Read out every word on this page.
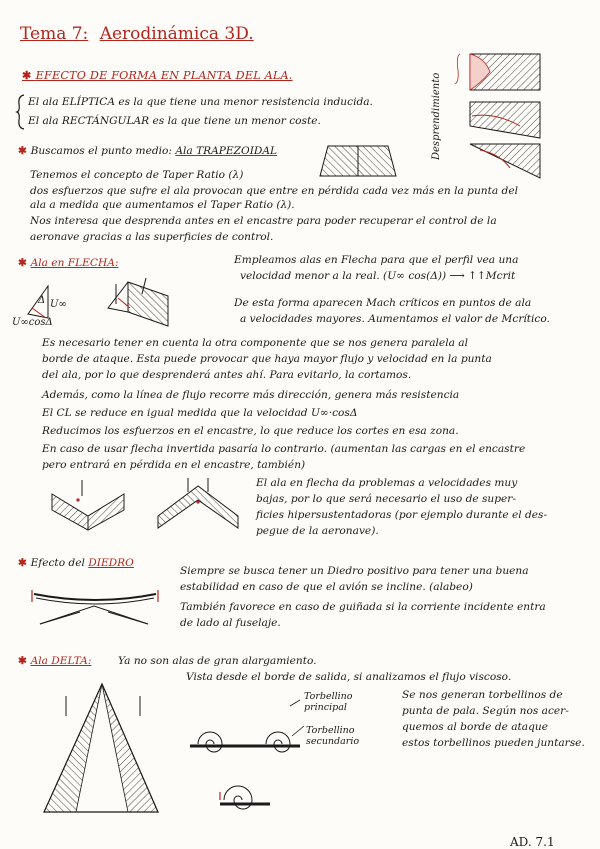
Tema 7: Aerodinámica 3D.
✱ EFECTO DE FORMA EN PLANTA DEL ALA.
El ala ELÍPTICA es la que tiene una menor resistencia inducida.
El ala RECTÁNGULAR es la que tiene un menor coste.	Desprendimiento
✱ Buscamos el punto medio: Ala TRAPEZOIDAL
Tenemos el concepto de Taper Ratio (λ)
dos esfuerzos que sufre el ala provocan que entre en pérdida cada vez más en la punta del
ala a medida que aumentamos el Taper Ratio (λ).
Nos interesa que desprenda antes en el encastre para poder recuperar el control de la
aeronave gracias a las superficies de control.
✱ Ala en FLECHA:
Δ U∞
U∞cosΔ
Empleamos alas en Flecha para que el perfil vea una
velocidad menor a la real. (U∞ cos(Δ)) ⟶ ↑↑Mcrit
De esta forma aparecen Mach críticos en puntos de ala
a velocidades mayores. Aumentamos el valor de Mcrítico.
Es necesario tener en cuenta la otra componente que se nos genera paralela al
borde de ataque. Esta puede provocar que haya mayor flujo y velocidad en la punta
del ala, por lo que desprenderá antes ahí. Para evitarlo, la cortamos.
Además, como la línea de flujo recorre más dirección, genera más resistencia
El CL se reduce en igual medida que la velocidad U∞·cosΔ
Reducimos los esfuerzos en el encastre, lo que reduce los cortes en esa zona.
En caso de usar flecha invertida pasaría lo contrario. (aumentan las cargas en el encastre
pero entrará en pérdida en el encastre, también)
El ala en flecha da problemas a velocidades muy
bajas, por lo que será necesario el uso de super-
ficies hipersustentadoras (por ejemplo durante el des-
pegue de la aeronave).
✱ Efecto del DIEDRO
Siempre se busca tener un Diedro positivo para tener una buena
estabilidad en caso de que el avión se incline. (alabeo)
También favorece en caso de guiñada si la corriente incidente entra
de lado al fuselaje.
✱ Ala DELTA:	Ya no son alas de gran alargamiento.
Vista desde el borde de salida, si analizamos el flujo viscoso.
Torbellino
principal
Torbellino
secundario
Se nos generan torbellinos de
punta de pala. Según nos acer-
quemos al borde de ataque
estos torbellinos pueden juntarse.
AD. 7.1
